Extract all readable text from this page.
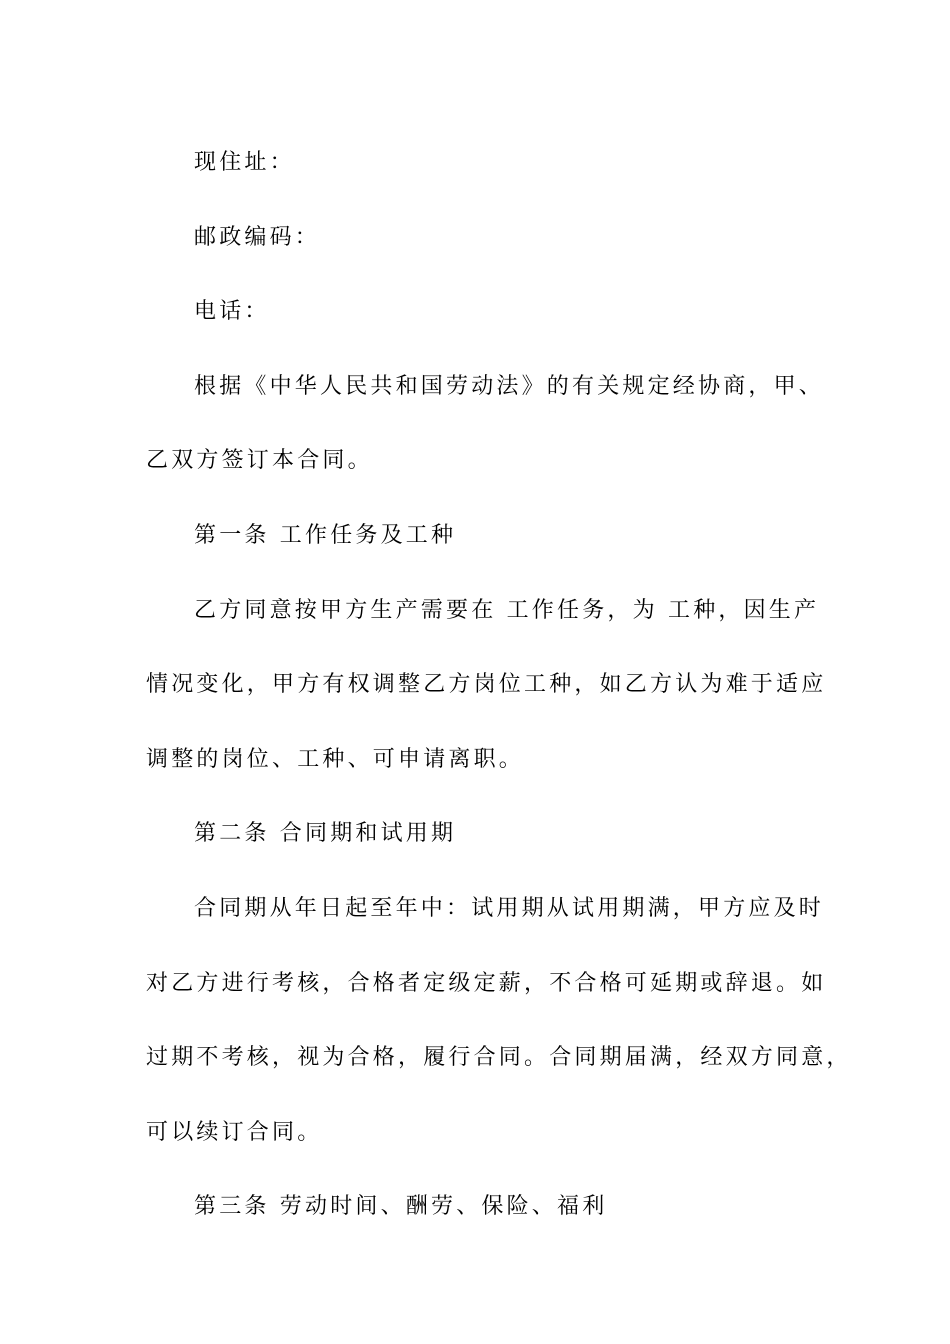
现住址：
邮政编码：
电话：
根据《中华人民共和国劳动法》的有关规定经协商，甲、
乙双方签订本合同。
第一条 工作任务及工种
乙方同意按甲方生产需要在 工作任务，为 工种，因生产
情况变化，甲方有权调整乙方岗位工种，如乙方认为难于适应
调整的岗位、工种、可申请离职。
第二条 合同期和试用期
合同期从年日起至年中：试用期从试用期满，甲方应及时
对乙方进行考核，合格者定级定薪，不合格可延期或辞退。如
过期不考核，视为合格，履行合同。合同期届满，经双方同意，
可以续订合同。
第三条 劳动时间、酬劳、保险、福利
